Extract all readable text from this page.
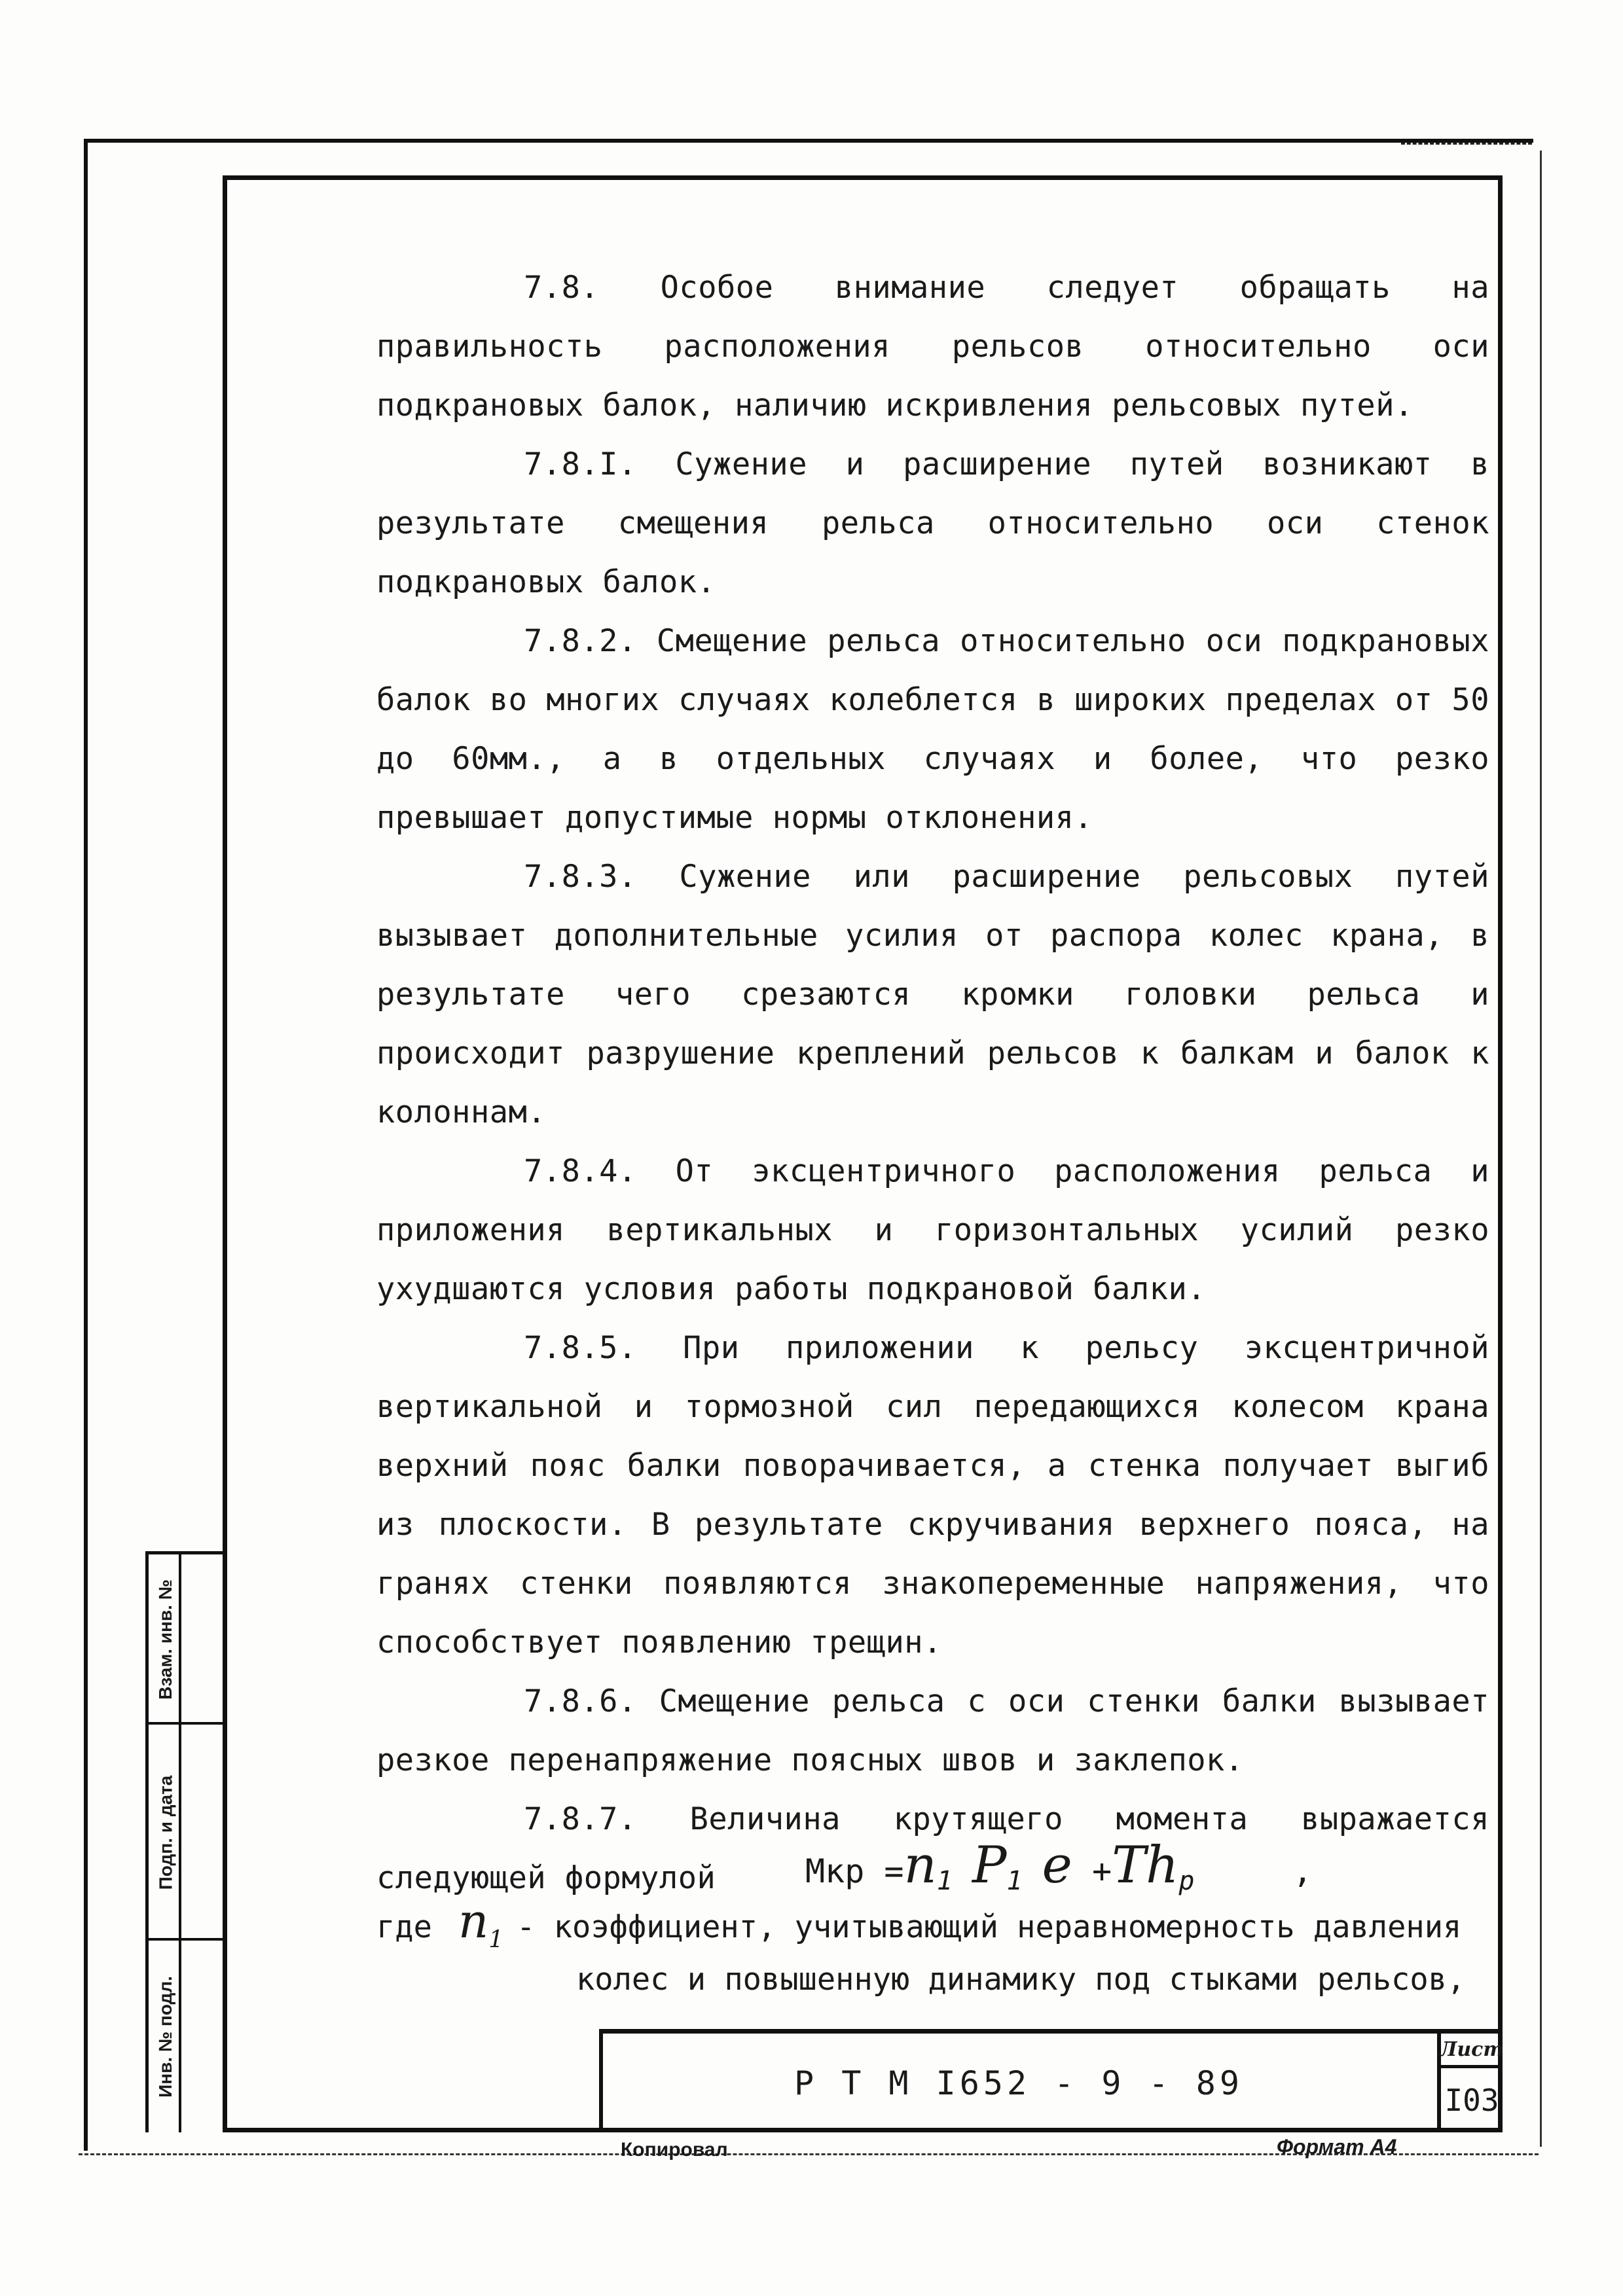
7.8. Особое внимание следует обращать на правильность расположения рельсов относительно оси подкрановых балок, наличию искривления рельсовых путей.

7.8.I. Сужение и расширение путей возникают в результате смещения рельса относительно оси стенок подкрановых балок.

7.8.2. Смещение рельса относительно оси подкрановых балок во многих случаях колеблется в широких пределах от 50 до 60мм., а в отдельных случаях и более, что резко превышает допустимые нормы отклонения.

7.8.3. Сужение или расширение рельсовых путей вызывает дополнительные усилия от распора колес крана, в результате чего срезаются кромки головки рельса и происходит разрушение креплений рельсов к балкам и балок к колоннам.

7.8.4. От эксцентричного расположения рельса и приложения вертикальных и горизонтальных усилий резко ухудшаются условия работы подкрановой балки.

7.8.5. При приложении к рельсу эксцентричной вертикальной и тормозной сил передающихся колесом крана верхний пояс балки поворачивается, а стенка получает выгиб из плоскости. В результате скручивания верхнего пояса, на гранях стенки появляются знакопеременные напряжения, что способствует появлению трещин.

7.8.6. Смещение рельса с оси стенки балки вызывает резкое перенапряжение поясных швов и заклепок.

7.8.7. Величина крутящего момента выражается следующей формулой	Мкр $=n_1$ $P_1$ $e +Th_p$	,
где $n_1$ - коэффициент, учитывающий неравномерность давления
колес и повышенную динамику под стыками рельсов,
Взам. инв. №
Подп. и дата
Инв. № подл.	Р Т М I652 - 9 - 89
Лист
I03
Копировал	Формат А4
